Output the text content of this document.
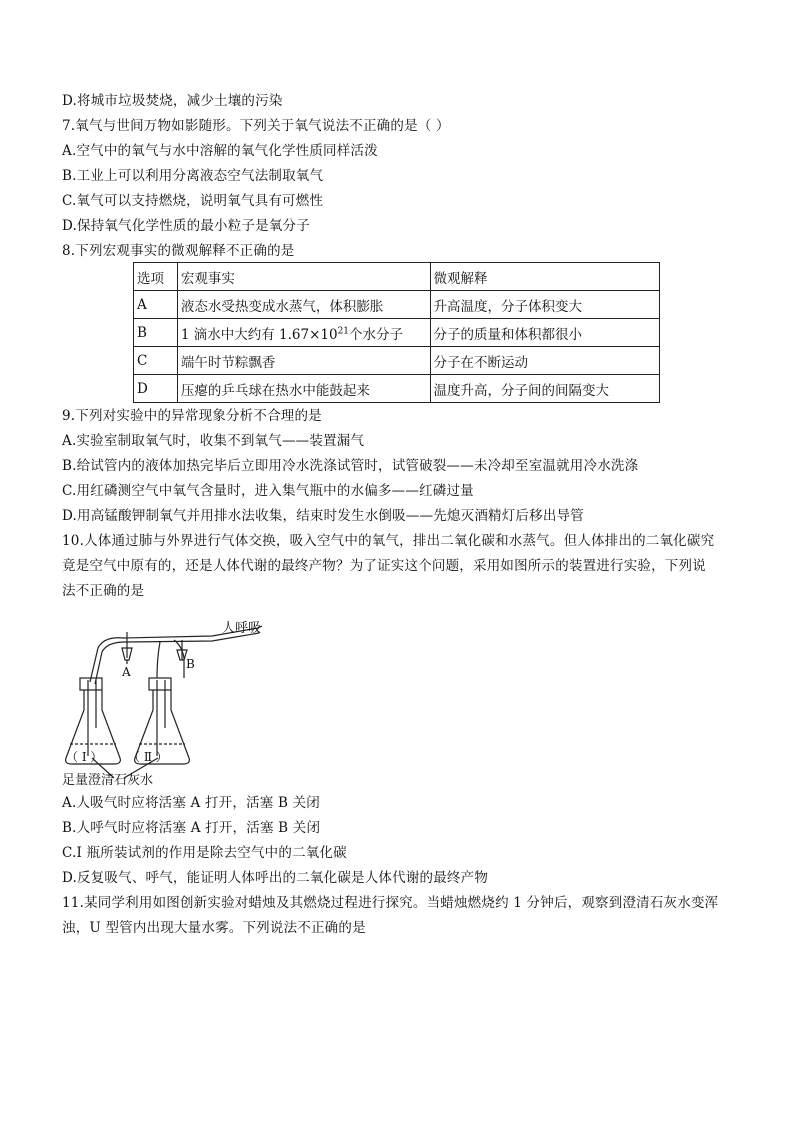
D.将城市垃圾焚烧，减少土壤的污染
7.氧气与世间万物如影随形。下列关于氧气说法不正确的是（ ）
A.空气中的氧气与水中溶解的氧气化学性质同样活泼
B.工业上可以利用分离液态空气法制取氧气
C.氧气可以支持燃烧，说明氧气具有可燃性
D.保持氧气化学性质的最小粒子是氧分子
8.下列宏观事实的微观解释不正确的是
选项	宏观事实	微观解释
A	液态水受热变成水蒸气，体积膨胀	升高温度，分子体积变大
B	1 滴水中大约有 $1.67\times 10^{21}$个水分子	分子的质量和体积都很小
C	端午时节粽飘香	分子在不断运动
D	压瘪的乒乓球在热水中能鼓起来	温度升高，分子间的间隔变大
9.下列对实验中的异常现象分析不合理的是
A.实验室制取氧气时，收集不到氧气——装置漏气
B.给试管内的液体加热完毕后立即用冷水洗涤试管时，试管破裂——未冷却至室温就用冷水洗涤
C.用红磷测空气中氧气含量时，进入集气瓶中的水偏多——红磷过量
D.用高锰酸钾制氧气并用排水法收集，结束时发生水倒吸——先熄灭酒精灯后移出导管
10.人体通过肺与外界进行气体交换，吸入空气中的氧气，排出二氧化碳和水蒸气。但人体排出的二氧化碳究
竟是空气中原有的，还是人体代谢的最终产物？为了证实这个问题，采用如图所示的装置进行实验，下列说
法不正确的是
人呼吸
A
B
（ Ⅰ ） （ Ⅱ ）
足量澄清石灰水
A.人吸气时应将活塞 A 打开，活塞 B 关闭
B.人呼气时应将活塞 A 打开，活塞 B 关闭
C.I 瓶所装试剂的作用是除去空气中的二氧化碳
D.反复吸气、呼气，能证明人体呼出的二氧化碳是人体代谢的最终产物
11.某同学利用如图创新实验对蜡烛及其燃烧过程进行探究。当蜡烛燃烧约 1 分钟后，观察到澄清石灰水变浑
浊，U 型管内出现大量水雾。下列说法不正确的是
